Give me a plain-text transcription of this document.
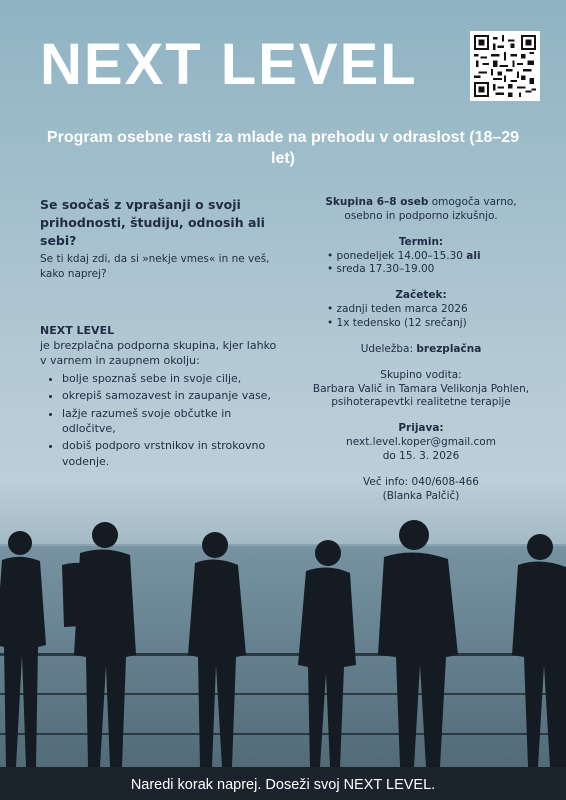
NEXT LEVEL

Program osebne rasti za mlade na prehodu v odraslost (18–29 let)

Se soočaš z vprašanji o svoji prihodnosti, študiju, odnosih ali sebi?

Se ti kdaj zdi, da si »nekje vmes« in ne veš, kako naprej?

NEXT LEVEL

je brezplačna podporna skupina, kjer lahko v varnem in zaupnem okolju:

• bolje spoznaš sebe in svoje cilje,
• okrepiš samozavest in zaupanje vase,
• lažje razumeš svoje občutke in odločitve,
• dobiš podporo vrstnikov in strokovno vodenje.

Skupina 6–8 oseb omogoča varno, osebno in podporno izkušnjo.

Termin:

• ponedeljek 14.00–15.30 ali
• sreda 17.30–19.00

Začetek:

• zadnji teden marca 2026
• 1x tedensko (12 srečanj)

Udeležba: brezplačna

Skupino vodita:

Barbara Valič in Tamara Velikonja Pohlen,

psihoterapevtki realitetne terapije

Prijava:

next.level.koper@gmail.com

do 15. 3. 2026

Več info: 040/608-466

(Blanka Palčič)

Naredi korak naprej. Doseži svoj NEXT LEVEL.
